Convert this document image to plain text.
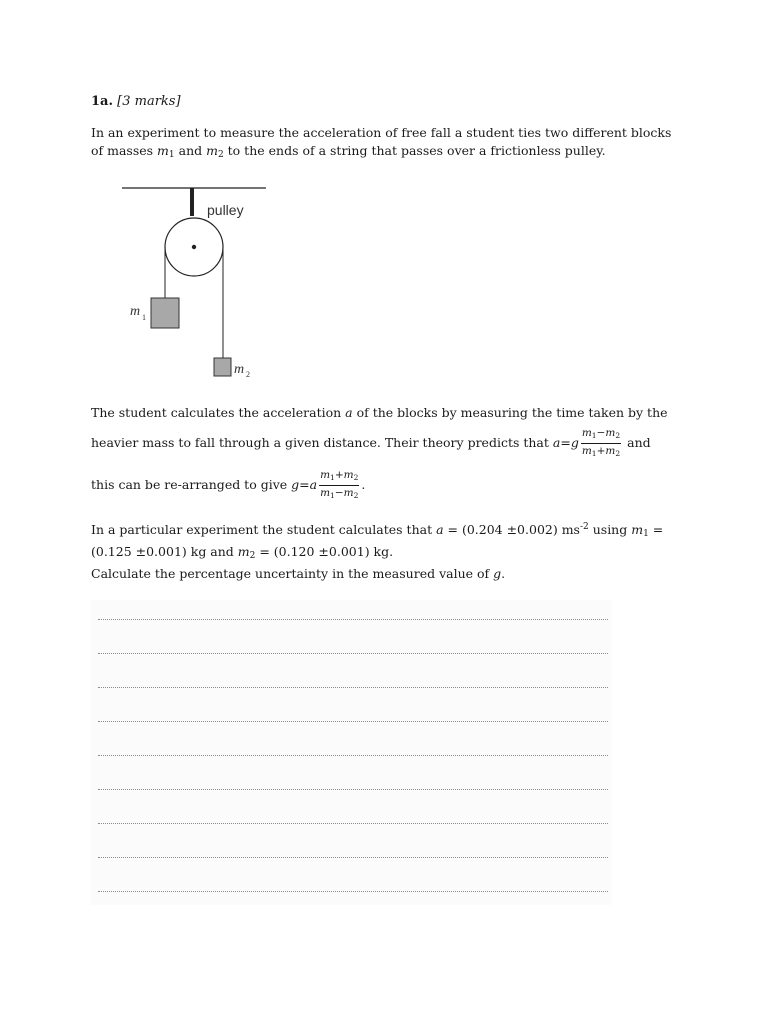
1a. [3 marks]
In an experiment to measure the acceleration of free fall a student ties two different blocks
of masses $m_1$ and $m_2$ to the ends of a string that passes over a frictionless pulley.
pulley
m 1
m 2
The student calculates the acceleration a of the blocks by measuring the time taken by the
heavier mass to fall through a given distance. Their theory predicts that $a=g \frac{m1-m2}{m1+m2}$ and
this can be re-arranged to give $g=a \frac{m1+m2}{m1-m2}$ .
In a particular experiment the student calculates that a = (0.204 ±0.002) $ms^{-2}$ using $m_1$ =
(0.125 ±0.001) kg and $m_2 = (0.120 \pm 0.001)$ kg.
Calculate the percentage uncertainty in the measured value of g.
